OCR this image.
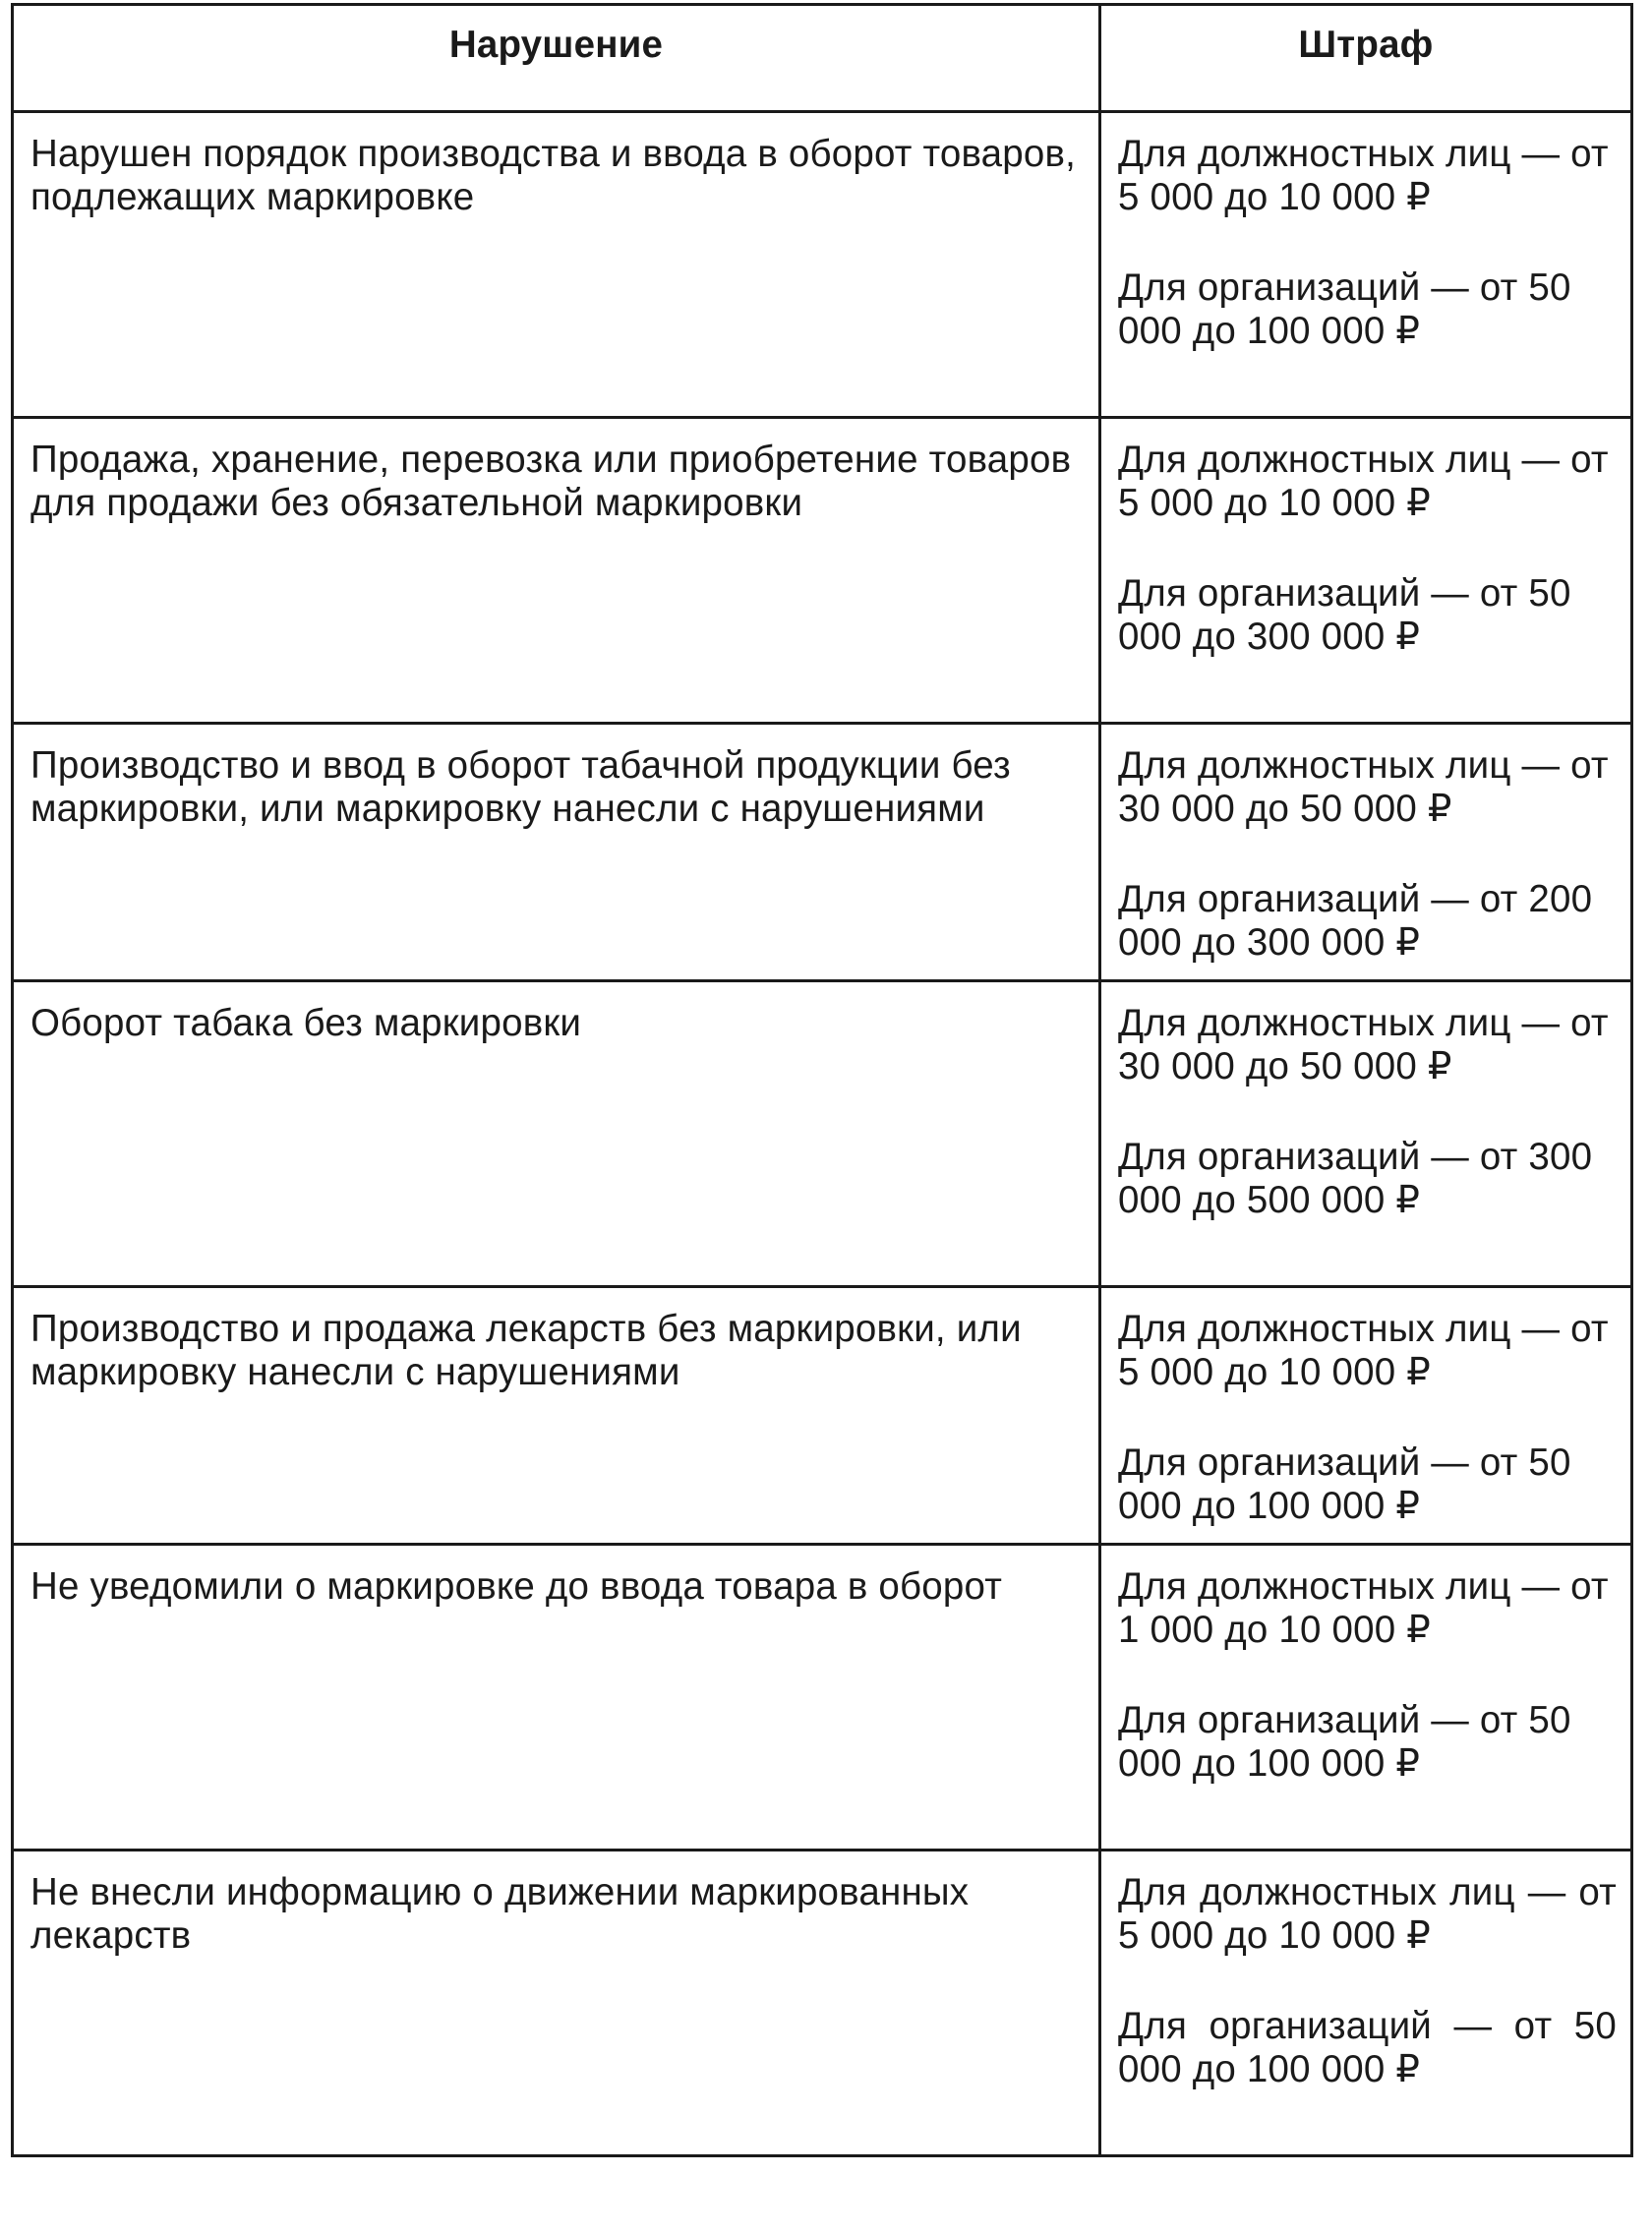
Нарушение	Штраф
Нарушен порядок производства и ввода в оборот товаров, подлежащих маркировке	Для должностных лиц — от 5 000 до 10 000 ₽
Для организаций — от 50 000 до 100 000 ₽

Продажа, хранение, перевозка или приобретение товаров для продажи без обязательной маркировки	Для должностных лиц — от 5 000 до 10 000 ₽
Для организаций — от 50 000 до 300 000 ₽

Производство и ввод в оборот табачной продукции без маркировки, или маркировку нанесли с нарушениями	Для должностных лиц — от 30 000 до 50 000 ₽
Для организаций — от 200 000 до 300 000 ₽

Оборот табака без маркировки	Для должностных лиц — от 30 000 до 50 000 ₽
Для организаций — от 300 000 до 500 000 ₽

Производство и продажа лекарств без маркировки, или маркировку нанесли с нарушениями	Для должностных лиц — от 5 000 до 10 000 ₽
Для организаций — от 50 000 до 100 000 ₽

Не уведомили о маркировке до ввода товара в оборот	Для должностных лиц — от 1 000 до 10 000 ₽
Для организаций — от 50 000 до 100 000 ₽

Не внесли информацию о движении маркированных лекарств	Для должностных лиц — от 5 000 до 10 000 ₽
Для организаций — от 50 000 до 100 000 ₽
